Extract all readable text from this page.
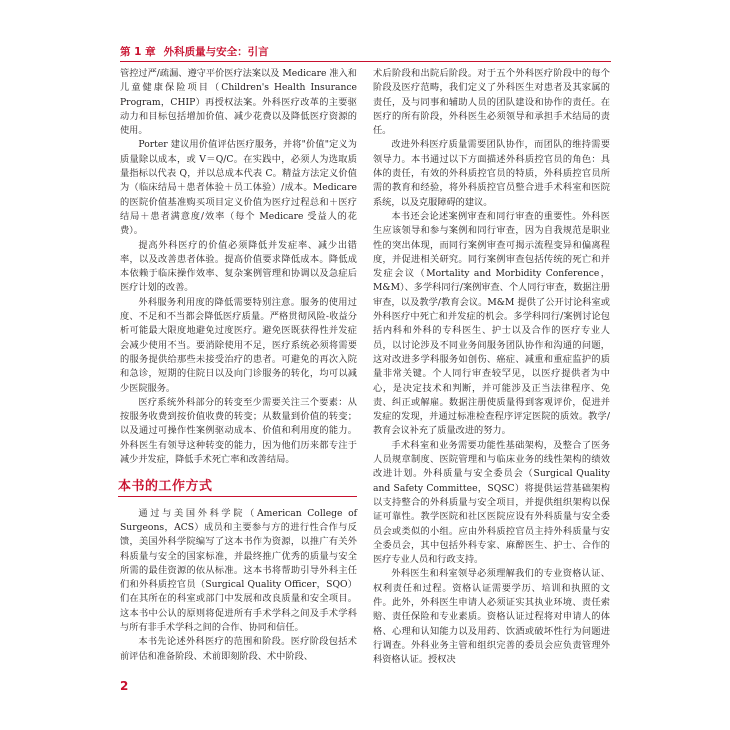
第 1 章 外科质量与安全：引言

管控过严/疏漏、遵守平价医疗法案以及 Medicare 准入和儿童健康保险项目（Children's Health Insurance Program，CHIP）再授权法案。外科医疗改革的主要驱动力和目标包括增加价值、减少花费以及降低医疗资源的使用。

Porter 建议用价值评估医疗服务，并将"价值"定义为质量除以成本，或 V＝Q/C。在实践中，必须人为选取质量指标以代表 Q，并以总成本代表 C。精益方法定义价值为（临床结局＋患者体验＋员工体验）/成本。Medicare 的医院价值基准购买项目定义价值为医疗过程总和＋医疗结局＋患者满意度/效率（每个 Medicare 受益人的花费）。

提高外科医疗的价值必须降低并发症率、减少出错率，以及改善患者体验。提高价值要求降低成本。降低成本依赖于临床操作效率、复杂案例管理和协调以及急症后医疗计划的改善。

外科服务利用度的降低需要特别注意。服务的使用过度、不足和不当都会降低医疗质量。严格贯彻风险-收益分析可能最大限度地避免过度医疗。避免医既获得性并发症会减少使用不当。要消除使用不足，医疗系统必须将需要的服务提供给那些未接受治疗的患者。可避免的再次入院和急诊，短期的住院日以及向门诊服务的转化，均可以减少医院服务。

医疗系统外科部分的转变至少需要关注三个要素：从按服务收费到按价值收费的转变；从数量到价值的转变；以及通过可操作性案例驱动成本、价值和利用度的能力。外科医生有领导这种转变的能力，因为他们历来都专注于减少并发症，降低手术死亡率和改善结局。

本书的工作方式

通过与美国外科学院（American College of Surgeons，ACS）成员和主要参与方的进行性合作与反馈，美国外科学院编写了这本书作为资源，以推广有关外科质量与安全的国家标准，并最终推广优秀的质量与安全所需的最佳资源的依从标准。这本书将帮助引导外科主任们和外科质控官员（Surgical Quality Officer，SQO）们在其所在的科室或部门中发展和改良质量和安全项目。这本书中公认的原则将促进所有手术学科之间及手术学科与所有非手术学科之间的合作、协同和信任。

本书先论述外科医疗的范围和阶段。医疗阶段包括术前评估和准备阶段、术前即刻阶段、术中阶段、

术后阶段和出院后阶段。对于五个外科医疗阶段中的每个阶段及医疗范畴，我们定义了外科医生对患者及其家属的责任，及与同事和辅助人员的团队建设和协作的责任。在医疗的所有阶段，外科医生必须领导和承担手术结局的责任。

改进外科医疗质量需要团队协作，而团队的维持需要领导力。本书通过以下方面描述外科质控官员的角色：具体的责任，有效的外科质控官员的特质，外科质控官员所需的教育和经验，将外科质控官员整合进手术科室和医院系统，以及克服障碍的建议。

本书还会论述案例审查和同行审查的重要性。外科医生应该领导和参与案例和同行审查，因为自我规范是职业性的突出体现，而同行案例审查可揭示流程变异和偏离程度，并促进相关研究。同行案例审查包括传统的死亡和并发症会议（Mortality and Morbidity Conference，M&M）、多学科同行/案例审查、个人同行审查，数据注册审查，以及教学/教育会议。M&M 提供了公开讨论科室或外科医疗中死亡和并发症的机会。多学科同行/案例讨论包括内科和外科的专科医生、护士以及合作的医疗专业人员，以讨论涉及不同业务间服务团队协作和沟通的问题，这对改进多学科服务如创伤、癌症、减重和重症监护的质量非常关键。个人同行审查较罕见，以医疗提供者为中心，是决定技术和判断，并可能涉及正当法律程序、免责、纠正或解雇。数据注册使质量得到客观评价，促进并发症的发现，并通过标准检查程序评定医院的质效。教学/教育会议补充了质量改进的努力。

手术科室和业务需要功能性基础架构，及整合了医务人员规章制度、医院管理和与临床业务的线性架构的绩效改进计划。外科质量与安全委员会（Surgical Quality and Safety Committee，SQSC）将提供运营基础架构以支持整合的外科质量与安全项目，并提供组织架构以保证可靠性。教学医院和社区医院应设有外科质量与安全委员会或类似的小组。应由外科质控官员主持外科质量与安全委员会，其中包括外科专家、麻醉医生、护士、合作的医疗专业人员和行政支持。

外科医生和科室领导必须理解我们的专业资格认证、权利责任和过程。资格认证需要学历、培训和执照的文件。此外，外科医生申请人必须证实其执业环境、责任索赔、责任保险和专业素质。资格认证过程将对申请人的体格、心理和认知能力以及用药、饮酒或破坏性行为问题进行调查。外科业务主管和组织完善的委员会应负责管理外科资格认证。授权决

2
